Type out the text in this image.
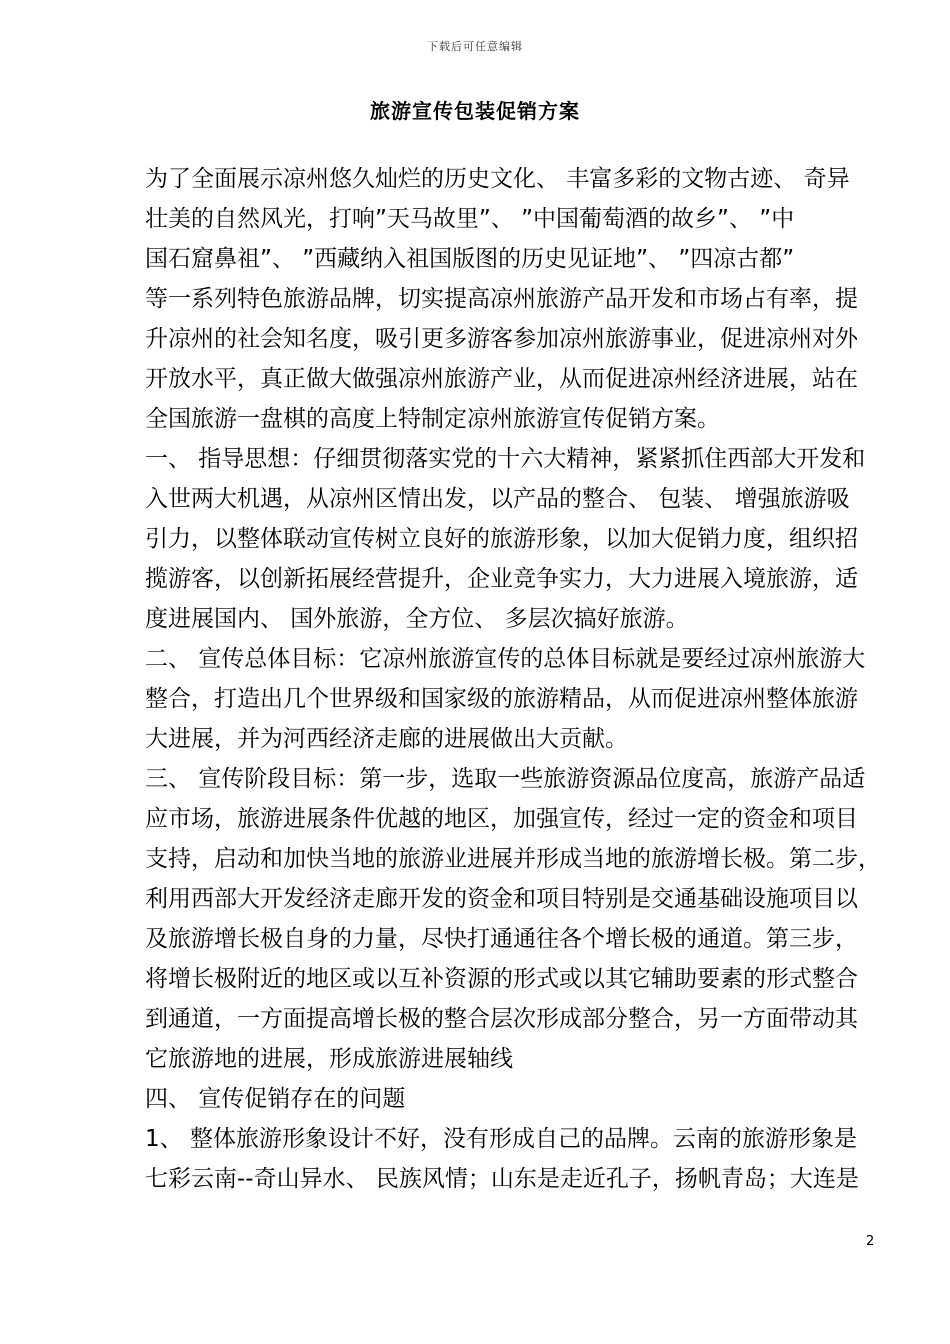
下载后可任意编辑
旅游宣传包装促销方案
为了全面展示凉州悠久灿烂的历史文化、 丰富多彩的文物古迹、 奇异
壮美的自然风光，打响”天马故里”、 ”中国葡萄酒的故乡”、 ”中
国石窟鼻祖”、 ”西藏纳入祖国版图的历史见证地”、 ”四凉古都”
等一系列特色旅游品牌，切实提高凉州旅游产品开发和市场占有率，提
升凉州的社会知名度，吸引更多游客参加凉州旅游事业，促进凉州对外
开放水平，真正做大做强凉州旅游产业，从而促进凉州经济进展，站在
全国旅游一盘棋的高度上特制定凉州旅游宣传促销方案。
一、 指导思想：仔细贯彻落实党的十六大精神，紧紧抓住西部大开发和
入世两大机遇，从凉州区情出发，以产品的整合、 包装、 增强旅游吸
引力，以整体联动宣传树立良好的旅游形象，以加大促销力度，组织招
揽游客，以创新拓展经营提升，企业竞争实力，大力进展入境旅游，适
度进展国内、 国外旅游，全方位、 多层次搞好旅游。
二、 宣传总体目标：它凉州旅游宣传的总体目标就是要经过凉州旅游大
整合，打造出几个世界级和国家级的旅游精品，从而促进凉州整体旅游
大进展，并为河西经济走廊的进展做出大贡献。
三、 宣传阶段目标：第一步，选取一些旅游资源品位度高，旅游产品适
应市场，旅游进展条件优越的地区，加强宣传，经过一定的资金和项目
支持，启动和加快当地的旅游业进展并形成当地的旅游增长极。第二步，
利用西部大开发经济走廊开发的资金和项目特别是交通基础设施项目以
及旅游增长极自身的力量，尽快打通通往各个增长极的通道。第三步，
将增长极附近的地区或以互补资源的形式或以其它辅助要素的形式整合
到通道，一方面提高增长极的整合层次形成部分整合，另一方面带动其
它旅游地的进展，形成旅游进展轴线
四、 宣传促销存在的问题
1、 整体旅游形象设计不好，没有形成自己的品牌。云南的旅游形象是
七彩云南--奇山异水、 民族风情；山东是走近孔子，扬帆青岛；大连是
2
